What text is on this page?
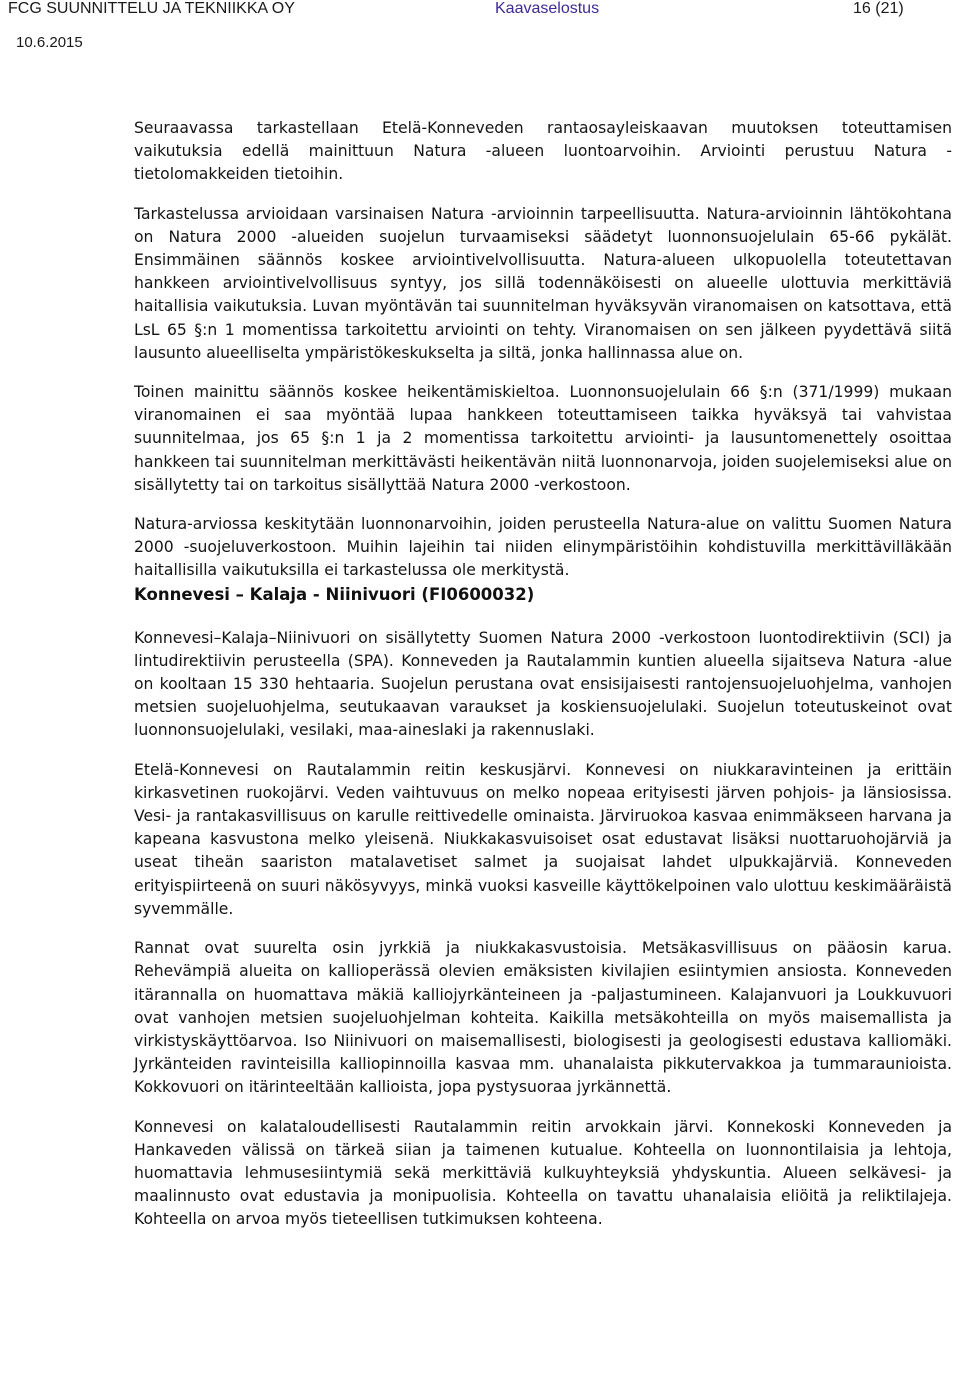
FCG SUUNNITTELU JA TEKNIIKKA OY	Kaavaselostus	16 (21)
10.6.2015

Seuraavassa tarkastellaan Etelä-Konneveden rantaosayleiskaavan muutoksen toteuttamisen vaikutuksia edellä mainittuun Natura -alueen luontoarvoihin. Arviointi perustuu Natura -tietolomakkeiden tietoihin.

Tarkastelussa arvioidaan varsinaisen Natura -arvioinnin tarpeellisuutta. Natura-arvioinnin lähtökohtana on Natura 2000 -alueiden suojelun turvaamiseksi säädetyt luonnonsuojelulain 65-66 pykälät. Ensimmäinen säännös koskee arviointivelvollisuutta. Natura-alueen ulkopuolella toteutettavan hankkeen arviointivelvollisuus syntyy, jos sillä todennäköisesti on alueelle ulottuvia merkittäviä haitallisia vaikutuksia. Luvan myöntävän tai suunnitelman hyväksyvän viranomaisen on katsottava, että LsL 65 §:n 1 momentissa tarkoitettu arviointi on tehty. Viranomaisen on sen jälkeen pyydettävä siitä lausunto alueelliselta ympäristökeskukselta ja siltä, jonka hallinnassa alue on.

Toinen mainittu säännös koskee heikentämiskieltoa. Luonnonsuojelulain 66 §:n (371/1999) mukaan viranomainen ei saa myöntää lupaa hankkeen toteuttamiseen taikka hyväksyä tai vahvistaa suunnitelmaa, jos 65 §:n 1 ja 2 momentissa tarkoitettu arviointi- ja lausuntomenettely osoittaa hankkeen tai suunnitelman merkittävästi heikentävän niitä luonnonarvoja, joiden suojelemiseksi alue on sisällytetty tai on tarkoitus sisällyttää Natura 2000 -verkostoon.

Natura-arviossa keskitytään luonnonarvoihin, joiden perusteella Natura-alue on valittu Suomen Natura 2000 -suojeluverkostoon. Muihin lajeihin tai niiden elinympäristöihin kohdistuvilla merkittävilläkään haitallisilla vaikutuksilla ei tarkastelussa ole merkitystä.

Konnevesi – Kalaja - Niinivuori (FI0600032)

Konnevesi–Kalaja–Niinivuori on sisällytetty Suomen Natura 2000 -verkostoon luontodirektiivin (SCI) ja lintudirektiivin perusteella (SPA). Konneveden ja Rautalammin kuntien alueella sijaitseva Natura -alue on kooltaan 15 330 hehtaaria. Suojelun perustana ovat ensisijaisesti rantojensuojeluohjelma, vanhojen metsien suojeluohjelma, seutukaavan varaukset ja koskiensuojelulaki. Suojelun toteutuskeinot ovat luonnonsuojelulaki, vesilaki, maa-aineslaki ja rakennuslaki.

Etelä-Konnevesi on Rautalammin reitin keskusjärvi. Konnevesi on niukkaravinteinen ja erittäin kirkasvetinen ruokojärvi. Veden vaihtuvuus on melko nopeaa erityisesti järven pohjois- ja länsiosissa. Vesi- ja rantakasvillisuus on karulle reittivedelle ominaista. Järviruokoa kasvaa enimmäkseen harvana ja kapeana kasvustona melko yleisenä. Niukkakasvuisoiset osat edustavat lisäksi nuottaruohojärviä ja useat tiheän saariston matalavetiset salmet ja suojaisat lahdet ulpukkajärviä. Konneveden erityispiirteenä on suuri näkösyvyys, minkä vuoksi kasveille käyttökelpoinen valo ulottuu keskimääräistä syvemmälle.

Rannat ovat suurelta osin jyrkkiä ja niukkakasvustoisia. Metsäkasvillisuus on pääosin karua. Rehevämpiä alueita on kallioperässä olevien emäksisten kivilajien esiintymien ansiosta. Konneveden itärannalla on huomattava mäkiä kalliojyrkänteineen ja -paljastumineen. Kalajanvuori ja Loukkuvuori ovat vanhojen metsien suojeluohjelman kohteita. Kaikilla metsäkohteilla on myös maisemallista ja virkistyskäyttöarvoa. Iso Niinivuori on maisemallisesti, biologisesti ja geologisesti edustava kalliomäki. Jyrkänteiden ravinteisilla kalliopinnoilla kasvaa mm. uhanalaista pikkutervakkoa ja tummaraunioista. Kokkovuori on itärinteeltään kallioista, jopa pystysuoraa jyrkännettä.

Konnevesi on kalataloudellisesti Rautalammin reitin arvokkain järvi. Konnekoski Konneveden ja Hankaveden välissä on tärkeä siian ja taimenen kutualue. Kohteella on luonnontilaisia ja lehtoja, huomattavia lehmusesiintymiä sekä merkittäviä kulkuyhteyksiä yhdyskuntia. Alueen selkävesi- ja maalinnusto ovat edustavia ja monipuolisia. Kohteella on tavattu uhanalaisia eliöitä ja reliktilajeja. Kohteella on arvoa myös tieteellisen tutkimuksen kohteena.
